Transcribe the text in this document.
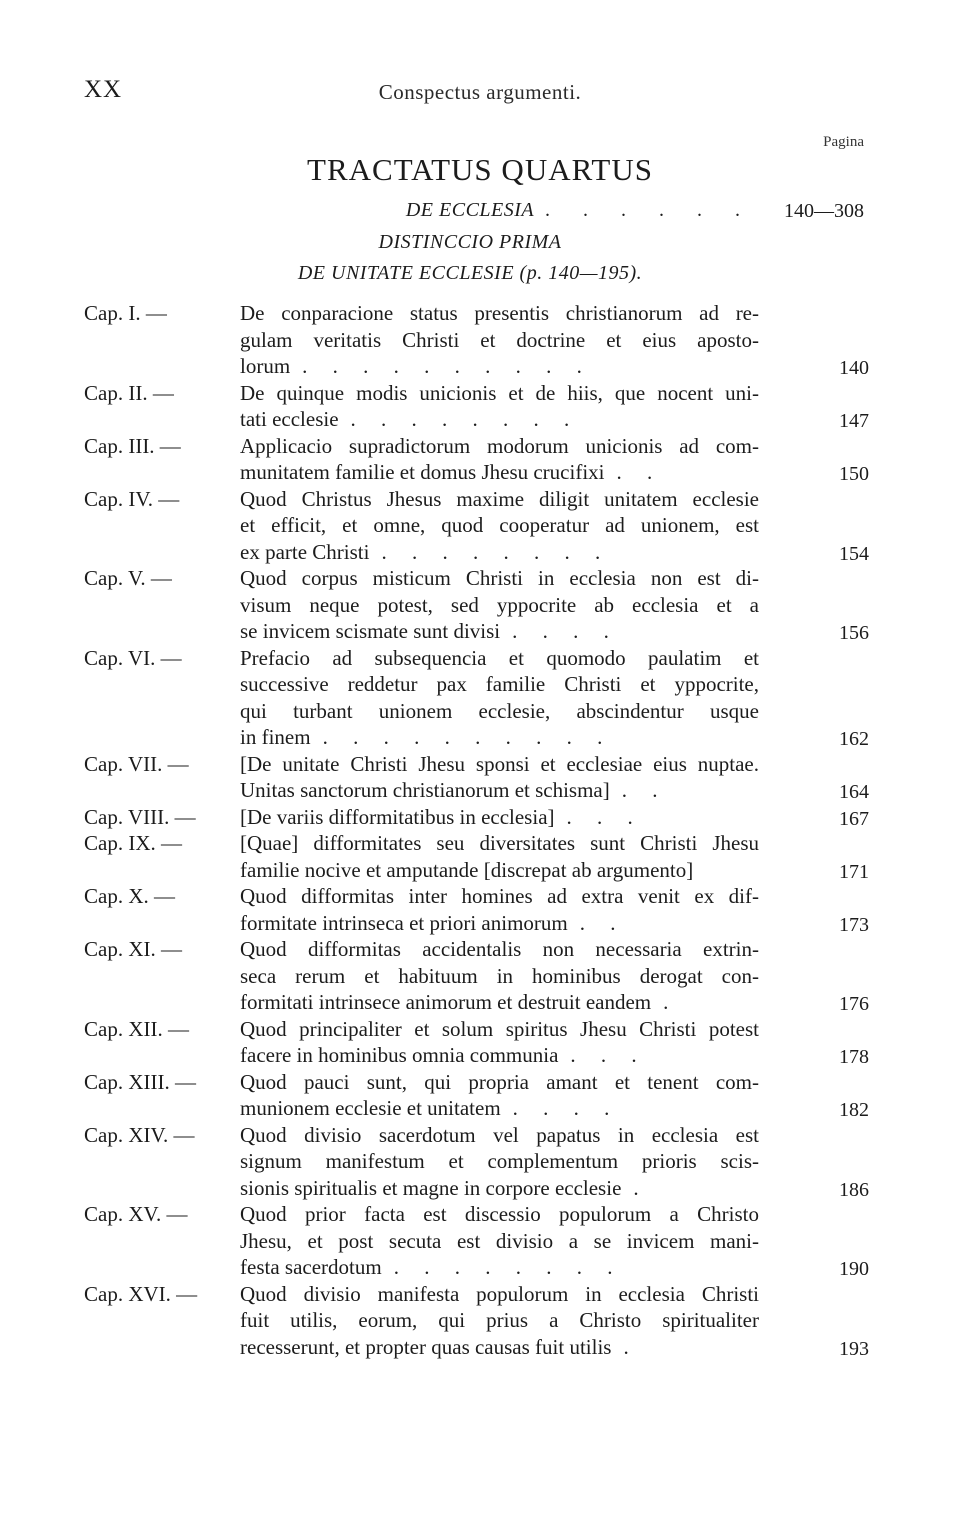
XX	Conspectus argumenti.
Pagina
TRACTATUS QUARTUS
DE ECCLESIA . . . . . . 140—308
DISTINCCIO PRIMA
DE UNITATE ECCLESIE (p. 140—195).
Cap. I. —	De conparacione status presentis christianorum ad re-
gulam veritatis Christi et doctrine et eius aposto-
lorum . . . . . . . . . .	140
Cap. II. —	De quinque modis unicionis et de hiis, que nocent uni-
tati ecclesie . . . . . . . .	147
Cap. III. —	Applicacio supradictorum modorum unicionis ad com-
munitatem familie et domus Jhesu crucifixi . .	150
Cap. IV. —	Quod Christus Jhesus maxime diligit unitatem ecclesie
et efficit, et omne, quod cooperatur ad unionem, est
ex parte Christi . . . . . . . .	154
Cap. V. —	Quod corpus misticum Christi in ecclesia non est di-
visum neque potest, sed yppocrite ab ecclesia et a
se invicem scismate sunt divisi . . . .	156
Cap. VI. —	Prefacio ad subsequencia et quomodo paulatim et
successive reddetur pax familie Christi et yppocrite,
qui turbant unionem ecclesie, abscindentur usque
in finem . . . . . . . . . .	162
Cap. VII. — [De unitate Christi Jhesu sponsi et ecclesiae eius nuptae.
Unitas sanctorum christianorum et schisma] . .	164
Cap. VIII. — [De variis difformitatibus in ecclesia] . . .	167
Cap. IX. —	[Quae] difformitates seu diversitates sunt Christi Jhesu
familie nocive et amputande [discrepat ab argumento]	171
Cap. X. —	Quod difformitas inter homines ad extra venit ex dif-
formitate intrinseca et priori animorum . .	173
Cap. XI. —	Quod difformitas accidentalis non necessaria extrin-
seca rerum et habituum in hominibus derogat con-
formitati intrinsece animorum et destruit eandem .	176
Cap. XII. — Quod principaliter et solum spiritus Jhesu Christi potest
facere in hominibus omnia communia . . .	178
Cap. XIII. — Quod pauci sunt, qui propria amant et tenent com-
munionem ecclesie et unitatem . . . .	182
Cap. XIV. — Quod divisio sacerdotum vel papatus in ecclesia est
signum manifestum et complementum prioris scis-
sionis spiritualis et magne in corpore ecclesie .	186
Cap. XV. —	Quod prior facta est discessio populorum a Christo
Jhesu, et post secuta est divisio a se invicem mani-
festa sacerdotum . . . . . . . .	190
Cap. XVI. — Quod divisio manifesta populorum in ecclesia Christi
fuit utilis, eorum, qui prius a Christo spiritualiter
recesserunt, et propter quas causas fuit utilis .	193
